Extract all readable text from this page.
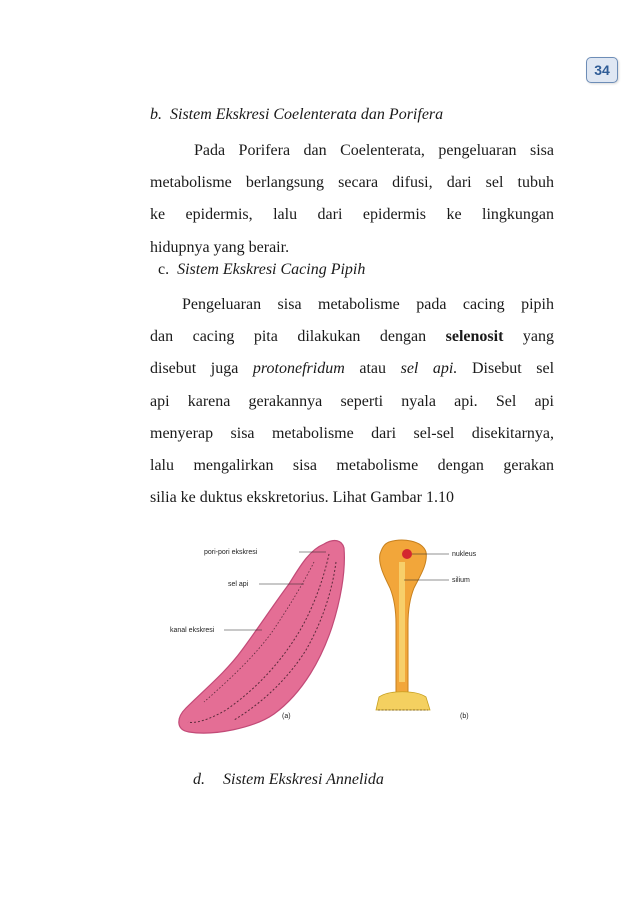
34
b. Sistem Ekskresi Coelenterata dan Porifera
Pada Porifera dan Coelenterata, pengeluaran sisa
metabolisme berlangsung secara difusi, dari sel tubuh
ke epidermis, lalu dari epidermis ke lingkungan
hidupnya yang berair.
c. Sistem Ekskresi Cacing Pipih
Pengeluaran sisa metabolisme pada cacing pipih
dan cacing pita dilakukan dengan selenosit yang
disebut juga protonefridum atau sel api. Disebut sel
api karena gerakannya seperti nyala api. Sel api
menyerap sisa metabolisme dari sel-sel disekitarnya,
lalu mengalirkan sisa metabolisme dengan gerakan
silia ke duktus ekskretorius. Lihat Gambar 1.10
pori-pori ekskresi
sel api
kanal ekskresi
(a)
nukleus
silium
(b)
d. Sistem Ekskresi Annelida
